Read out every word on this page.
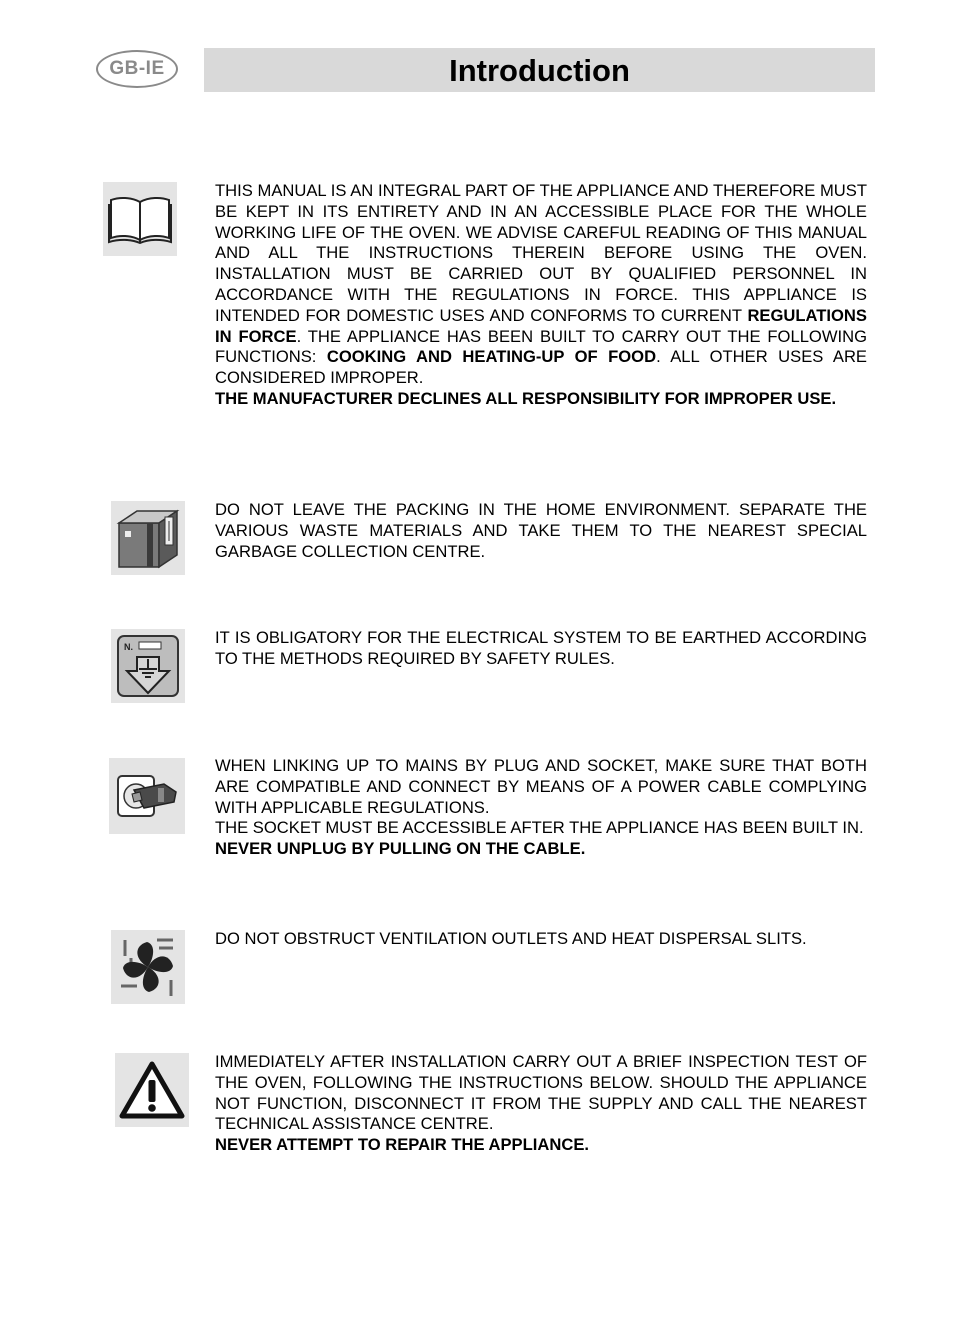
GB-IE	Introduction

THIS MANUAL IS AN INTEGRAL PART OF THE APPLIANCE AND THEREFORE MUST BE KEPT IN ITS ENTIRETY AND IN AN ACCESSIBLE PLACE FOR THE WHOLE WORKING LIFE OF THE OVEN. WE ADVISE CAREFUL READING OF THIS MANUAL AND ALL THE INSTRUCTIONS THEREIN BEFORE USING THE OVEN. INSTALLATION MUST BE CARRIED OUT BY QUALIFIED PERSONNEL IN ACCORDANCE WITH THE REGULATIONS IN FORCE. THIS APPLIANCE IS INTENDED FOR DOMESTIC USES AND CONFORMS TO CURRENT REGULATIONS IN FORCE. THE APPLIANCE HAS BEEN BUILT TO CARRY OUT THE FOLLOWING FUNCTIONS: COOKING AND HEATING-UP OF FOOD. ALL OTHER USES ARE CONSIDERED IMPROPER.

THE MANUFACTURER DECLINES ALL RESPONSIBILITY FOR IMPROPER USE.

DO NOT LEAVE THE PACKING IN THE HOME ENVIRONMENT. SEPARATE THE VARIOUS WASTE MATERIALS AND TAKE THEM TO THE NEAREST SPECIAL GARBAGE COLLECTION CENTRE.

N.	IT IS OBLIGATORY FOR THE ELECTRICAL SYSTEM TO BE EARTHED ACCORDING TO THE METHODS REQUIRED BY SAFETY RULES.

WHEN LINKING UP TO MAINS BY PLUG AND SOCKET, MAKE SURE THAT BOTH ARE COMPATIBLE AND CONNECT BY MEANS OF A POWER CABLE COMPLYING WITH APPLICABLE REGULATIONS.

THE SOCKET MUST BE ACCESSIBLE AFTER THE APPLIANCE HAS BEEN BUILT IN.

NEVER UNPLUG BY PULLING ON THE CABLE.

DO NOT OBSTRUCT VENTILATION OUTLETS AND HEAT DISPERSAL SLITS.

IMMEDIATELY AFTER INSTALLATION CARRY OUT A BRIEF INSPECTION TEST OF THE OVEN, FOLLOWING THE INSTRUCTIONS BELOW. SHOULD THE APPLIANCE NOT FUNCTION, DISCONNECT IT FROM THE SUPPLY AND CALL THE NEAREST TECHNICAL ASSISTANCE CENTRE.

NEVER ATTEMPT TO REPAIR THE APPLIANCE.
